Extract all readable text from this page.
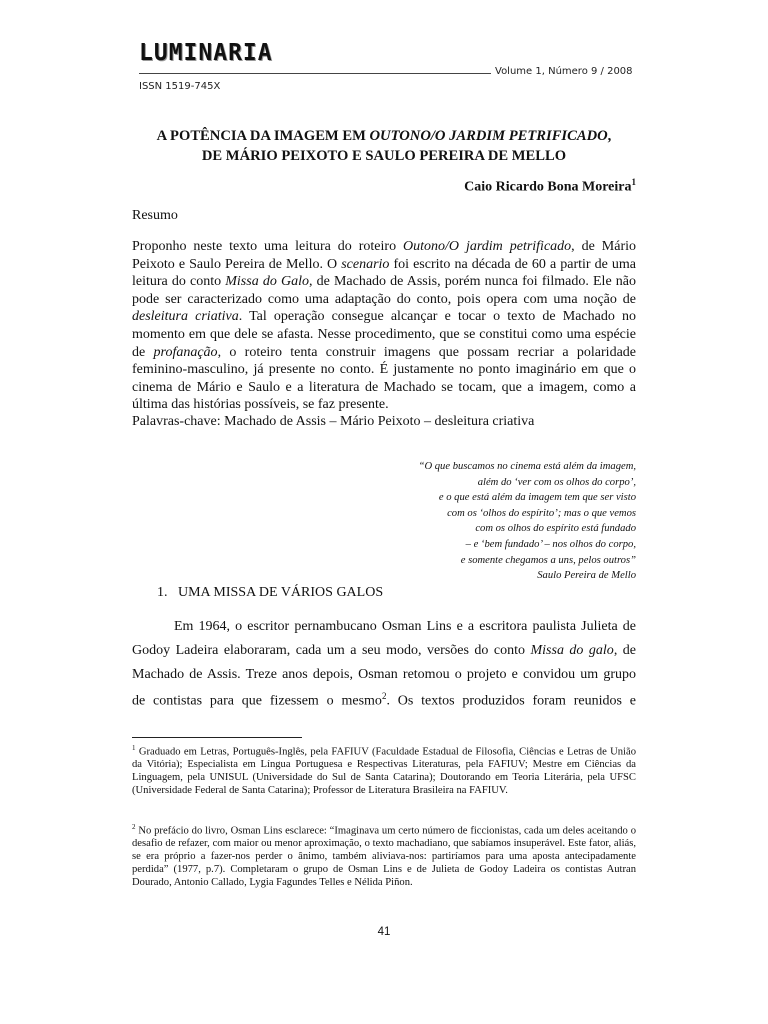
LUMINARIA
Volume 1, Número 9 / 2008
ISSN 1519-745X
A POTÊNCIA DA IMAGEM EM OUTONO/O JARDIM PETRIFICADO,
DE MÁRIO PEIXOTO E SAULO PEREIRA DE MELLO
Caio Ricardo Bona Moreira$^1$
Resumo
Proponho neste texto uma leitura do roteiro Outono/O jardim petrificado, de Mário Peixoto e Saulo Pereira de Mello. O scenario foi escrito na década de 60 a partir de uma leitura do conto Missa do Galo, de Machado de Assis, porém nunca foi filmado. Ele não pode ser caracterizado como uma adaptação do conto, pois opera com uma noção de desleitura criativa. Tal operação consegue alcançar e tocar o texto de Machado no momento em que dele se afasta. Nesse procedimento, que se constitui como uma espécie de profanação, o roteiro tenta construir imagens que possam recriar a polaridade feminino-masculino, já presente no conto. É justamente no ponto imaginário em que o cinema de Mário e Saulo e a literatura de Machado se tocam, que a imagem, como a última das histórias possíveis, se faz presente.
Palavras-chave: Machado de Assis – Mário Peixoto – desleitura criativa
“O que buscamos no cinema está além da imagem,
além do ‘ver com os olhos do corpo’,
e o que está além da imagem tem que ser visto
com os ‘olhos do espírito’; mas o que vemos
com os olhos do espírito está fundado
– e ‘bem fundado’ – nos olhos do corpo,
e somente chegamos a uns, pelos outros”
Saulo Pereira de Mello
1.   UMA MISSA DE VÁRIOS GALOS
Em 1964, o escritor pernambucano Osman Lins e a escritora paulista Julieta de
Godoy Ladeira elaboraram, cada um a seu modo, versões do conto Missa do galo, de
Machado de Assis. Treze anos depois, Osman retomou o projeto e convidou um grupo
de contistas para que fizessem o mesmo$^2$. Os textos produzidos foram reunidos e
$^1$ Graduado em Letras, Português-Inglês, pela FAFIUV (Faculdade Estadual de Filosofia, Ciências e Letras de União da Vitória); Especialista em Língua Portuguesa e Respectivas Literaturas, pela FAFIUV; Mestre em Ciências da Linguagem, pela UNISUL (Universidade do Sul de Santa Catarina); Doutorando em Teoria Literária, pela UFSC (Universidade Federal de Santa Catarina); Professor de Literatura Brasileira na FAFIUV.
$^2$ No prefácio do livro, Osman Lins esclarece: “Imaginava um certo número de ficcionistas, cada um deles aceitando o desafio de refazer, com maior ou menor aproximação, o texto machadiano, que sabíamos insuperável. Este fator, aliás, se era próprio a fazer-nos perder o ânimo, também aliviava-nos: partiríamos para uma aposta antecipadamente perdida” (1977, p.7). Completaram o grupo de Osman Lins e de Julieta de Godoy Ladeira os contistas Autran Dourado, Antonio Callado, Lygia Fagundes Telles e Nélida Piñon.
41
